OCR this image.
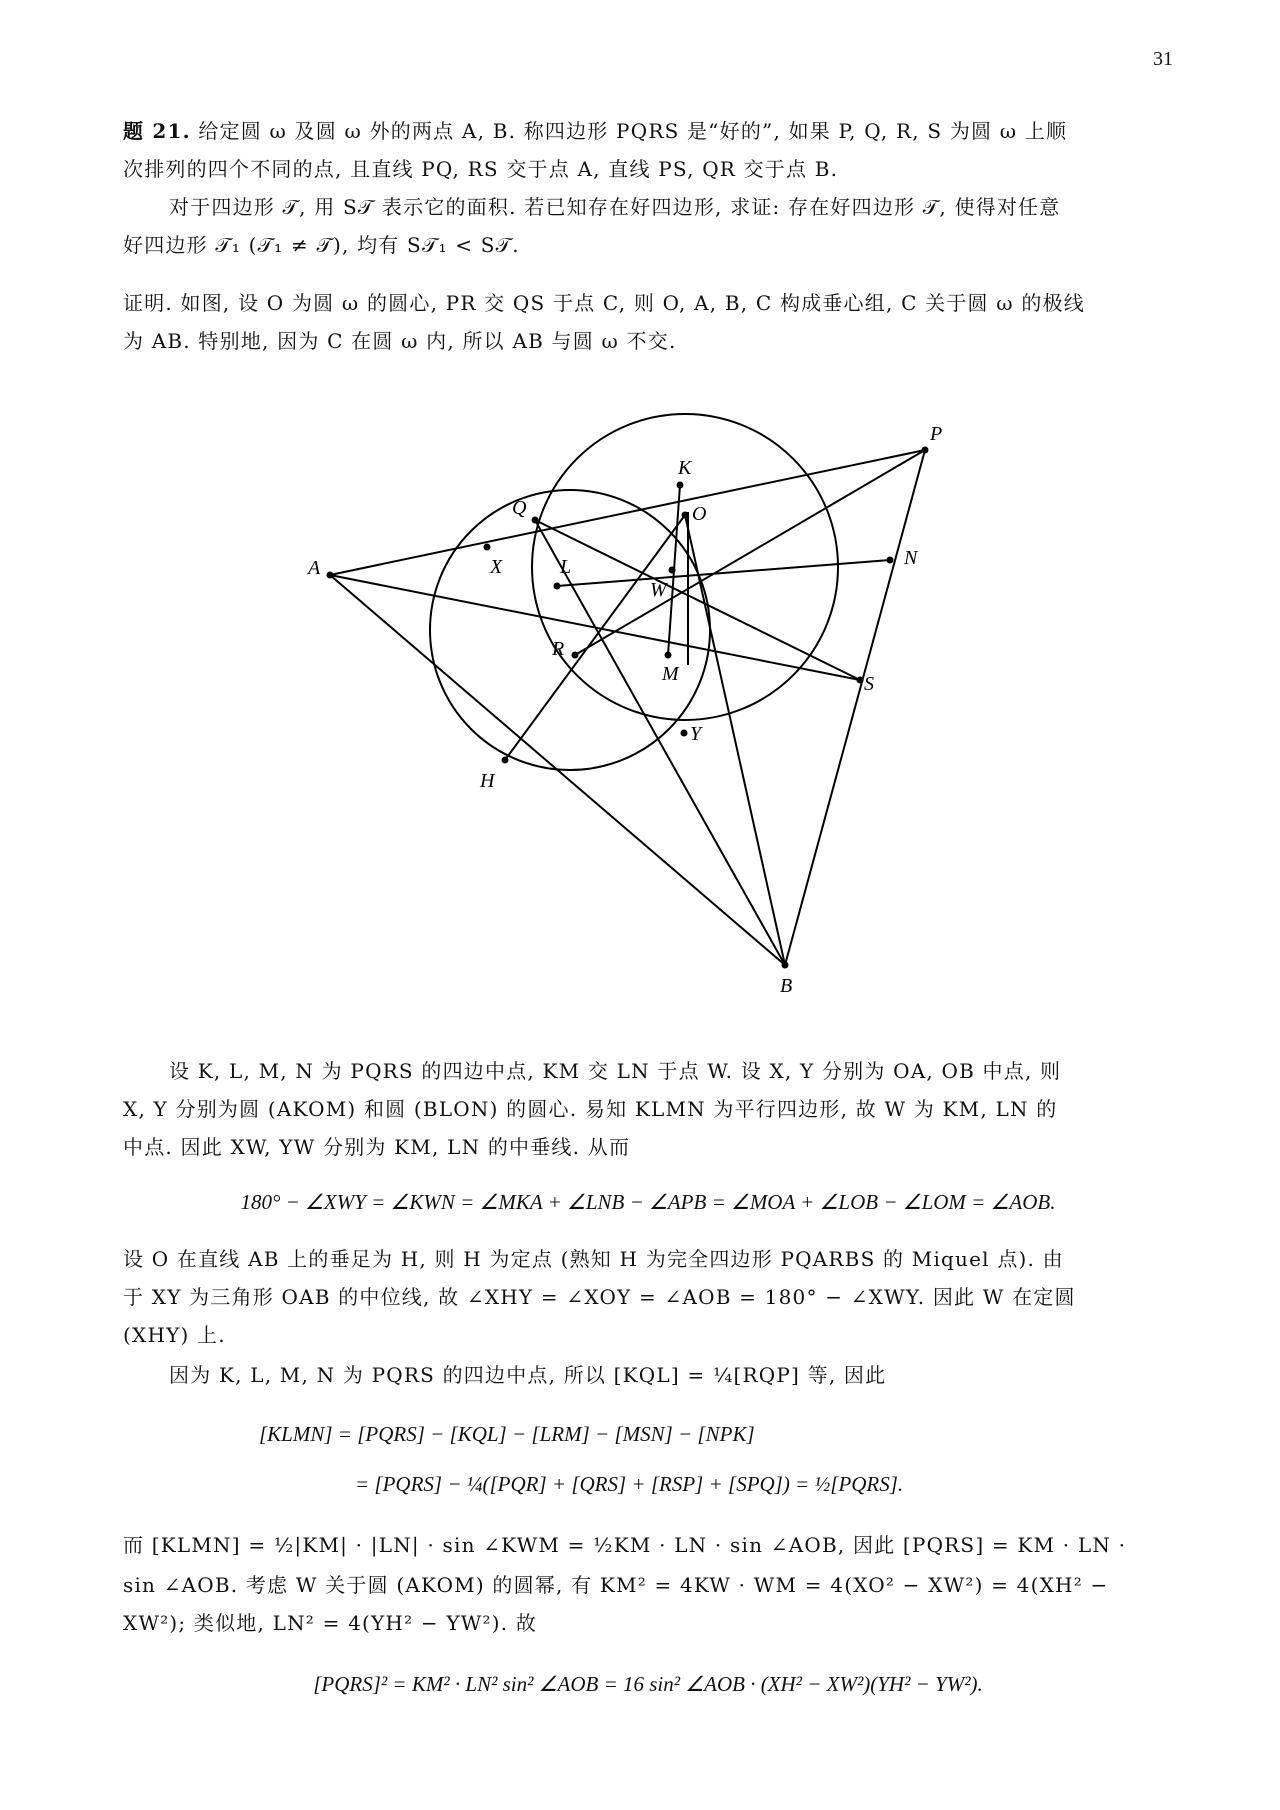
31
题 21. 给定圆 ω 及圆 ω 外的两点 A, B. 称四边形 PQRS 是“好的”, 如果 P, Q, R, S 为圆 ω 上顺
次排列的四个不同的点, 且直线 PQ, RS 交于点 A, 直线 PS, QR 交于点 B.
对于四边形 𝒯, 用 S𝒯 表示它的面积. 若已知存在好四边形, 求证: 存在好四边形 𝒯, 使得对任意
好四边形 𝒯₁ (𝒯₁ ≠ 𝒯), 均有 S𝒯₁ < S𝒯.
证明. 如图, 设 O 为圆 ω 的圆心, PR 交 QS 于点 C, 则 O, A, B, C 构成垂心组, C 关于圆 ω 的极线
为 AB. 特别地, 因为 C 在圆 ω 内, 所以 AB 与圆 ω 不交.
P
K
Q	O
N
A	X	L
W
R
M	S
Y
H
B
设 K, L, M, N 为 PQRS 的四边中点, KM 交 LN 于点 W. 设 X, Y 分别为 OA, OB 中点, 则
X, Y 分别为圆 (AKOM) 和圆 (BLON) 的圆心. 易知 KLMN 为平行四边形, 故 W 为 KM, LN 的
中点. 因此 XW, YW 分别为 KM, LN 的中垂线. 从而
180° − ∠XWY = ∠KWN = ∠MKA + ∠LNB − ∠APB = ∠MOA + ∠LOB − ∠LOM = ∠AOB.
设 O 在直线 AB 上的垂足为 H, 则 H 为定点 (熟知 H 为完全四边形 PQARBS 的 Miquel 点). 由
于 XY 为三角形 OAB 的中位线, 故 ∠XHY = ∠XOY = ∠AOB = 180° − ∠XWY. 因此 W 在定圆
(XHY) 上.
因为 K, L, M, N 为 PQRS 的四边中点, 所以 [KQL] = ¼[RQP] 等, 因此
[KLMN] = [PQRS] − [KQL] − [LRM] − [MSN] − [NPK]
= [PQRS] − ¼([PQR] + [QRS] + [RSP] + [SPQ]) = ½[PQRS].
而 [KLMN] = ½|KM| · |LN| · sin ∠KWM = ½KM · LN · sin ∠AOB, 因此 [PQRS] = KM · LN ·
sin ∠AOB. 考虑 W 关于圆 (AKOM) 的圆幂, 有 KM² = 4KW · WM = 4(XO² − XW²) = 4(XH² −
XW²); 类似地, LN² = 4(YH² − YW²). 故
[PQRS]² = KM² · LN² sin² ∠AOB = 16 sin² ∠AOB · (XH² − XW²)(YH² − YW²).
